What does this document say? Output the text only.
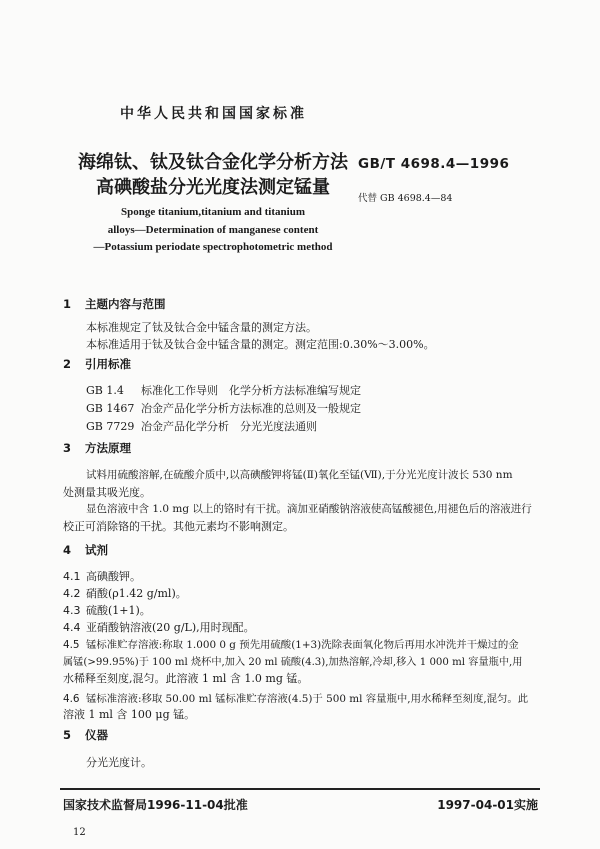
中华人民共和国国家标准
海绵钛、钛及钛合金化学分析方法
高碘酸盐分光光度法测定锰量
GB/T 4698.4—1996
代替 GB 4698.4—84
Sponge titanium,titanium and titanium
alloys—Determination of manganese content
—Potassium periodate spectrophotometric method
1 主题内容与范围
本标准规定了钛及钛合金中锰含量的测定方法。
本标准适用于钛及钛合金中锰含量的测定。测定范围:0.30%～3.00%。
2 引用标准
GB 1.4 标准化工作导则　化学分析方法标准编写规定
GB 1467 冶金产品化学分析方法标准的总则及一般规定
GB 7729 冶金产品化学分析　分光光度法通则
3 方法原理
试料用硫酸溶解,在硫酸介质中,以高碘酸钾将锰(Ⅱ)氧化至锰(Ⅶ),于分光光度计波长 530 nm
处测量其吸光度。
显色溶液中含 1.0 mg 以上的铬时有干扰。滴加亚硝酸钠溶液使高锰酸褪色,用褪色后的溶液进行
校正可消除铬的干扰。其他元素均不影响测定。
4 试剂
4.1 高碘酸钾。
4.2 硝酸(ρ1.42 g/ml)。
4.3 硫酸(1+1)。
4.4 亚硝酸钠溶液(20 g/L),用时现配。
4.5 锰标准贮存溶液:称取 1.000 0 g 预先用硫酸(1+3)洗除表面氧化物后再用水冲洗并干燥过的金
属锰(>99.95%)于 100 ml 烧杯中,加入 20 ml 硫酸(4.3),加热溶解,冷却,移入 1 000 ml 容量瓶中,用
水稀释至刻度,混匀。此溶液 1 ml 含 1.0 mg 锰。
4.6 锰标准溶液:移取 50.00 ml 锰标准贮存溶液(4.5)于 500 ml 容量瓶中,用水稀释至刻度,混匀。此
溶液 1 ml 含 100 μg 锰。
5 仪器
分光光度计。
国家技术监督局1996-11-04批准	1997-04-01实施
12
